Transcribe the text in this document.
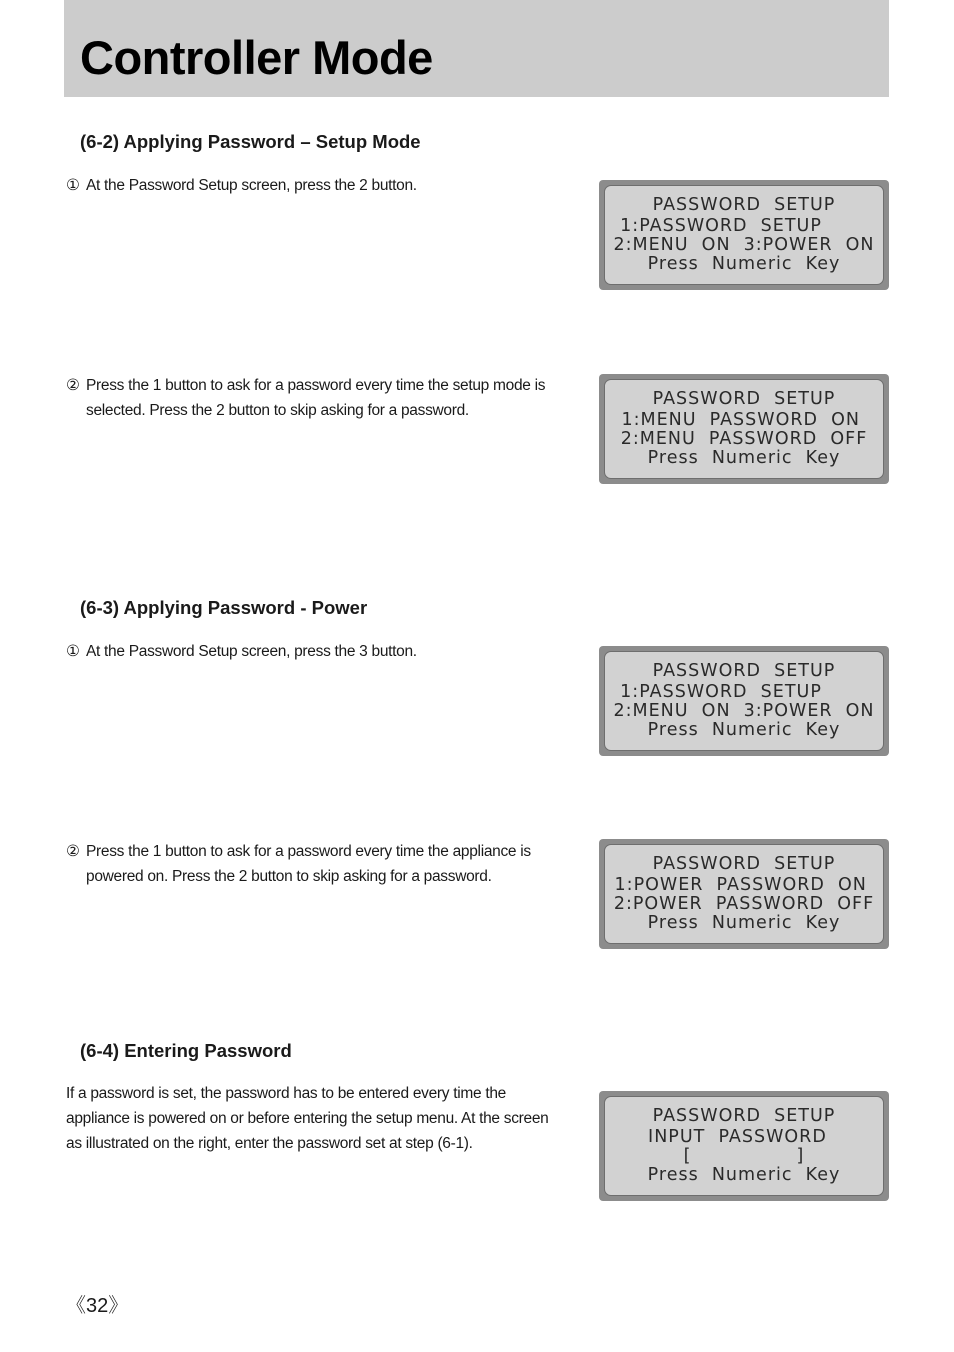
Controller Mode
(6-2) Applying Password – Setup Mode
① At the Password Setup screen, press the 2 button.
② Press the 1 button to ask for a password every time the setup mode is
selected. Press the 2 button to skip asking for a password.
(6-3) Applying Password - Power
① At the Password Setup screen, press the 3 button.
② Press the 1 button to ask for a password every time the appliance is
powered on. Press the 2 button to skip asking for a password.
(6-4) Entering Password
If a password is set, the password has to be entered every time the
appliance is powered on or before entering the setup menu. At the screen
as illustrated on the right, enter the password set at step (6-1).
PASSWORD  SETUP
1:PASSWORD  SETUP
2:MENU  ON  3:POWER  ON
Press  Numeric  Key
PASSWORD  SETUP
1:MENU  PASSWORD  ON
2:MENU  PASSWORD  OFF
Press  Numeric  Key
PASSWORD  SETUP
1:PASSWORD  SETUP
2:MENU  ON  3:POWER  ON
Press  Numeric  Key
PASSWORD  SETUP
1:POWER  PASSWORD  ON
2:POWER  PASSWORD  OFF
Press  Numeric  Key
PASSWORD  SETUP
INPUT  PASSWORD
[                ]
Press  Numeric  Key
《32》
